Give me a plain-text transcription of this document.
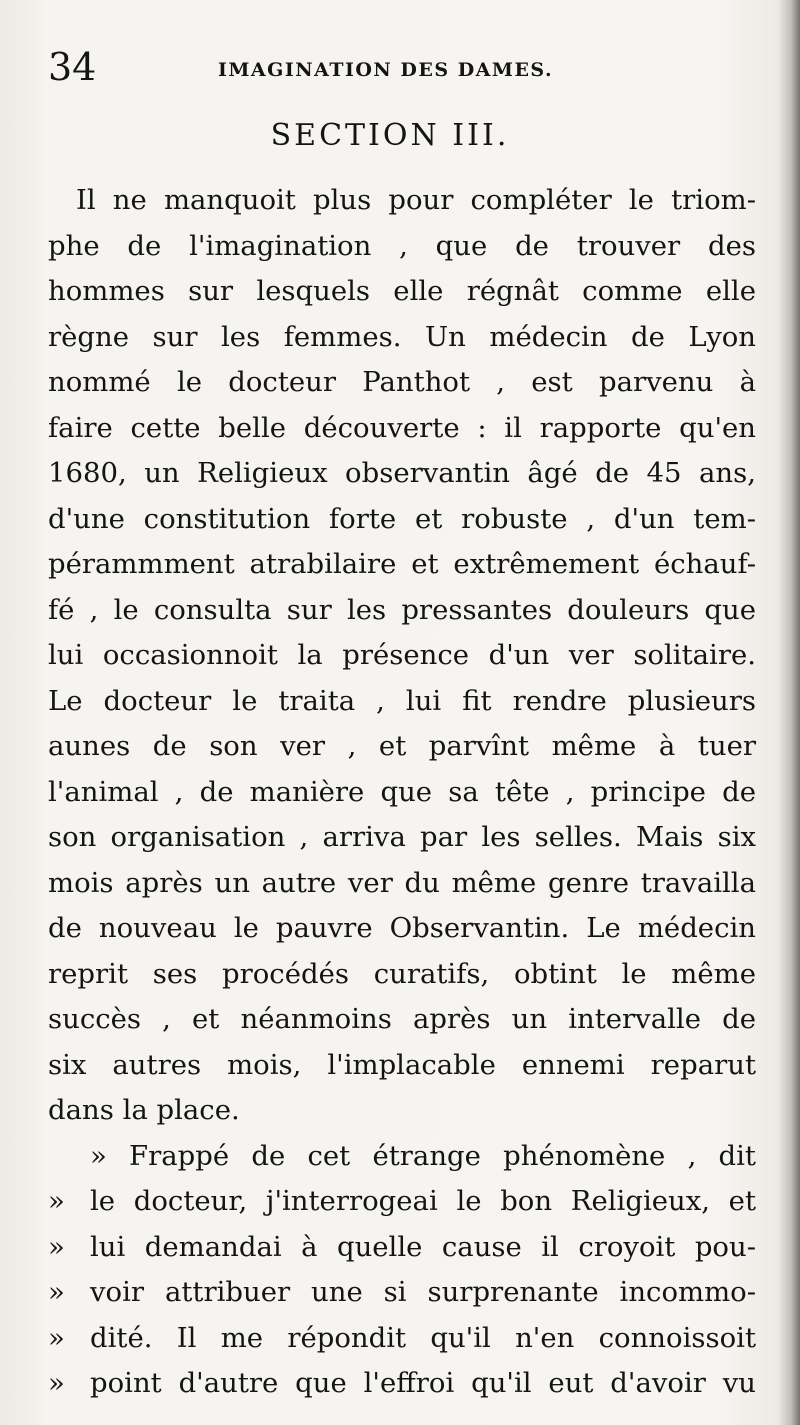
34	IMAGINATION DES DAMES.
SECTION III.
Il ne manquoit plus pour compléter le triom-
phe de l'imagination , que de trouver des
hommes sur lesquels elle régnât comme elle
règne sur les femmes. Un médecin de Lyon
nommé le docteur Panthot , est parvenu à
faire cette belle découverte : il rapporte qu'en
1680, un Religieux observantin âgé de 45 ans,
d'une constitution forte et robuste , d'un tem-
pérammment atrabilaire et extrêmement échauf-
fé , le consulta sur les pressantes douleurs que
lui occasionnoit la présence d'un ver solitaire.
Le docteur le traita , lui fit rendre plusieurs
aunes de son ver , et parvînt même à tuer
l'animal , de manière que sa tête , principe de
son organisation , arriva par les selles. Mais six
mois après un autre ver du même genre travailla
de nouveau le pauvre Observantin. Le médecin
reprit ses procédés curatifs, obtint le même
succès , et néanmoins après un intervalle de
six autres mois, l'implacable ennemi reparut
dans la place.
» Frappé de cet étrange phénomène , dit
» le docteur, j'interrogeai le bon Religieux, et
» lui demandai à quelle cause il croyoit pou-
» voir attribuer une si surprenante incommo-
» dité. Il me répondit qu'il n'en connoissoit
» point d'autre que l'effroi qu'il eut d'avoir vu
